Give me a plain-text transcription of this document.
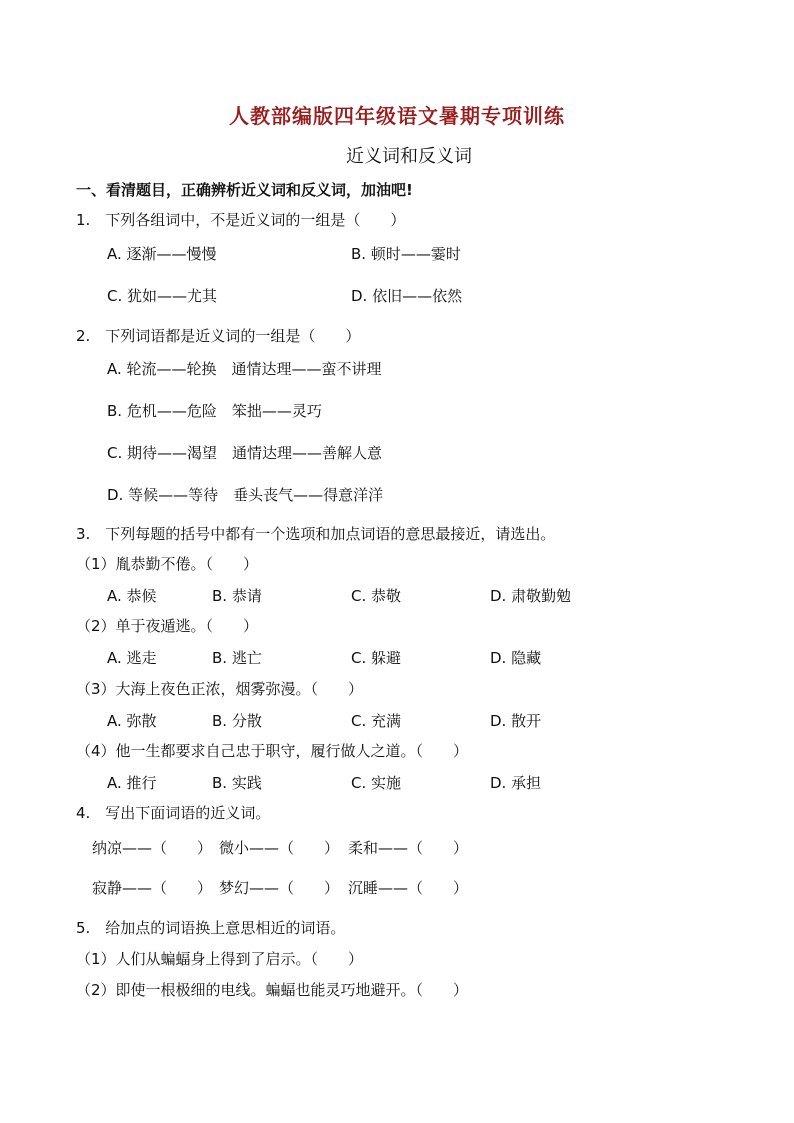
人教部编版四年级语文暑期专项训练
近义词和反义词
一、看清题目，正确辨析近义词和反义词，加油吧!
1.　下列各组词中，不是近义词的一组是（　　）
A. 逐渐——慢慢	B. 顿时——霎时
C. 犹如——尤其	D. 依旧——依然
2.　下列词语都是近义词的一组是（　　）
A. 轮流——轮换　通情达理——蛮不讲理
B. 危机——危险　笨拙——灵巧
C. 期待——渴望　通情达理——善解人意
D. 等候——等待　垂头丧气——得意洋洋
3.　下列每题的括号中都有一个选项和加点词语的意思最接近，请选出。
（1）胤恭勤不倦。（　　）
A. 恭候	B. 恭请	C. 恭敬	D. 肃敬勤勉
（2）单于夜遁逃。（　　）
A. 逃走	B. 逃亡	C. 躲避	D. 隐藏
（3）大海上夜色正浓，烟雾弥漫。（　　）
A. 弥散	B. 分散	C. 充满	D. 散开
（4）他一生都要求自己忠于职守，履行做人之道。（　　）
A. 推行	B. 实践	C. 实施	D. 承担
4.　写出下面词语的近义词。
纳凉——（　　） 微小——（　　） 柔和——（　　）
寂静——（　　） 梦幻——（　　） 沉睡——（　　）
5.　给加点的词语换上意思相近的词语。
（1）人们从蝙蝠身上得到了启示。（　　）
（2）即使一根极细的电线。蝙蝠也能灵巧地避开。（　　）
